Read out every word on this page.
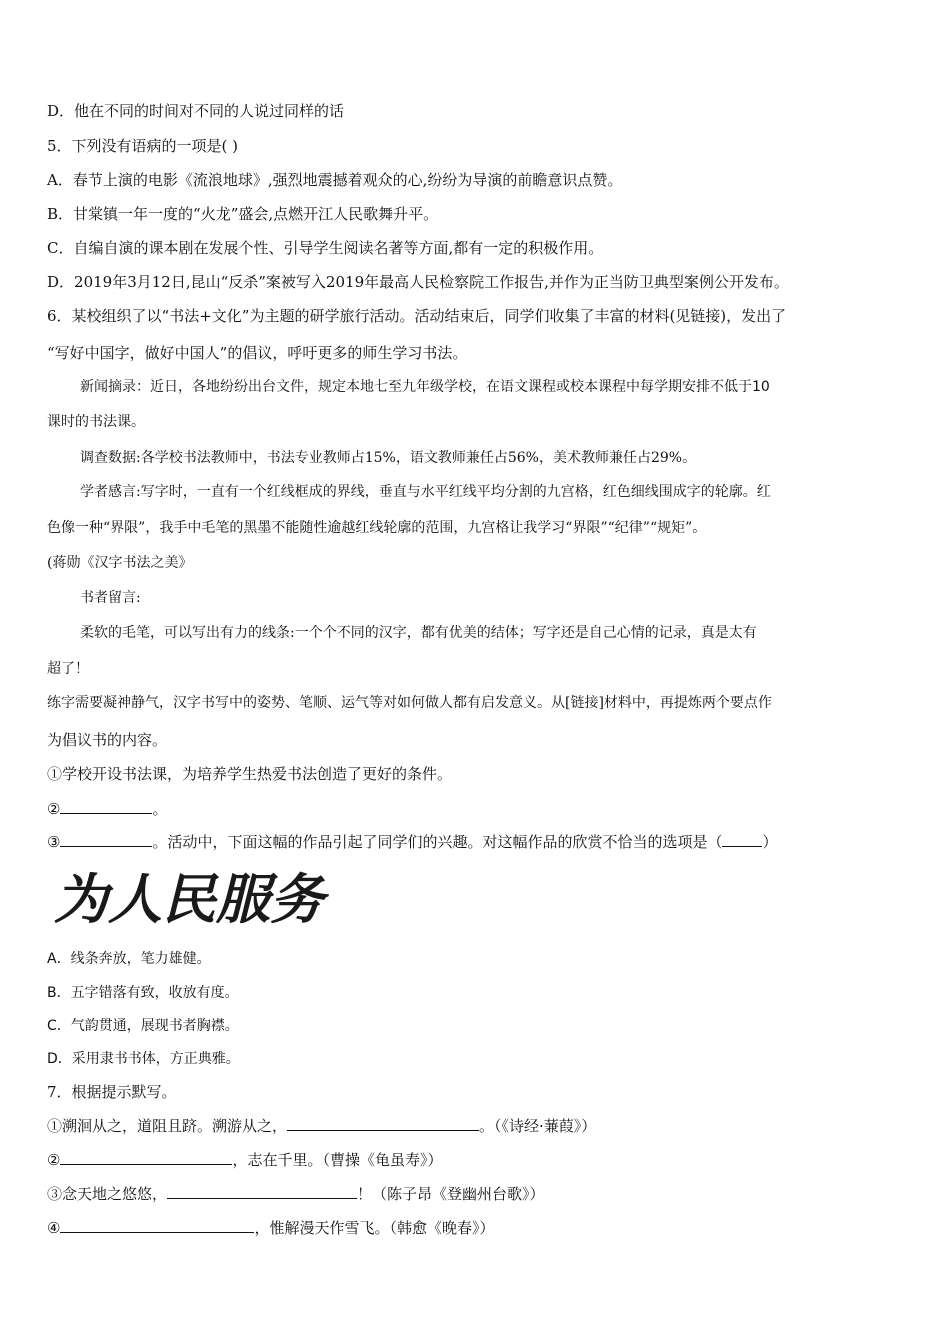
D．他在不同的时间对不同的人说过同样的话
5．下列没有语病的一项是( )
A．春节上演的电影《流浪地球》,强烈地震撼着观众的心,纷纷为导演的前瞻意识点赞。
B．甘棠镇一年一度的“火龙”盛会,点燃开江人民歌舞升平。
C．自编自演的课本剧在发展个性、引导学生阅读名著等方面,都有一定的积极作用。
D．2019年3月12日,昆山“反杀”案被写入2019年最高人民检察院工作报告,并作为正当防卫典型案例公开发布。
6．某校组织了以“书法+文化”为主题的研学旅行活动。活动结束后，同学们收集了丰富的材料(见链接)，发出了
“写好中国字，做好中国人”的倡议，呼吁更多的师生学习书法。
新闻摘录：近日，各地纷纷出台文件，规定本地七至九年级学校，在语文课程或校本课程中每学期安排不低于10
课时的书法课。
调查数据:各学校书法教师中，书法专业教师占15%，语文教师兼任占56%，美术教师兼任占29%。
学者感言:写字时，一直有一个红线框成的界线，垂直与水平红线平均分割的九宫格，红色细线围成字的轮廓。红
色像一种“界限”，我手中毛笔的黑墨不能随性逾越红线轮廓的范围，九宫格让我学习“界限”“纪律”“规矩”。
(蒋勋《汉字书法之美》
书者留言:
柔软的毛笔，可以写出有力的线条:一个个不同的汉字，都有优美的结体；写字还是自己心情的记录，真是太有
超了！
练字需要凝神静气，汉字书写中的姿势、笔顺、运气等对如何做人都有启发意义。从[链接]材料中，再提炼两个要点作
为倡议书的内容。
①学校开设书法课，为培养学生热爱书法创造了更好的条件。
②	。
③	。活动中，下面这幅的作品引起了同学们的兴趣。对这幅作品的欣赏不恰当的选项是（	）
为人民服务
A．线条奔放，笔力雄健。
B．五字错落有致，收放有度。
C．气韵贯通，展现书者胸襟。
D．采用隶书书体，方正典雅。
7．根据提示默写。
①溯洄从之，道阻且跻。溯游从之，	。（《诗经·蒹葭》）
②	，志在千里。（曹操《龟虽寿》）
③念天地之悠悠，	！（陈子昂《登幽州台歌》）
④	，惟解漫天作雪飞。（韩愈《晚春》）
